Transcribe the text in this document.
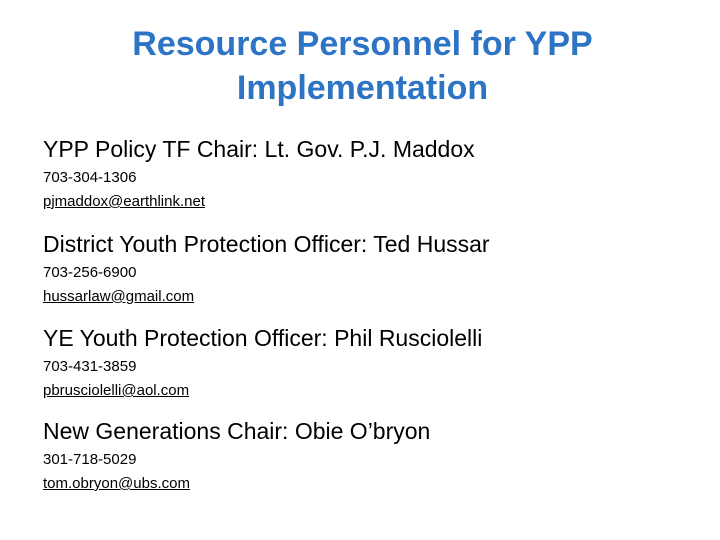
Resource Personnel for YPP
Implementation
YPP Policy TF Chair: Lt. Gov. P.J. Maddox
703-304-1306
pjmaddox@earthlink.net
District Youth Protection Officer: Ted Hussar
703-256-6900
hussarlaw@gmail.com
YE Youth Protection Officer: Phil Rusciolelli
703-431-3859
pbrusciolelli@aol.com
New Generations Chair: Obie O’bryon
301-718-5029
tom.obryon@ubs.com
